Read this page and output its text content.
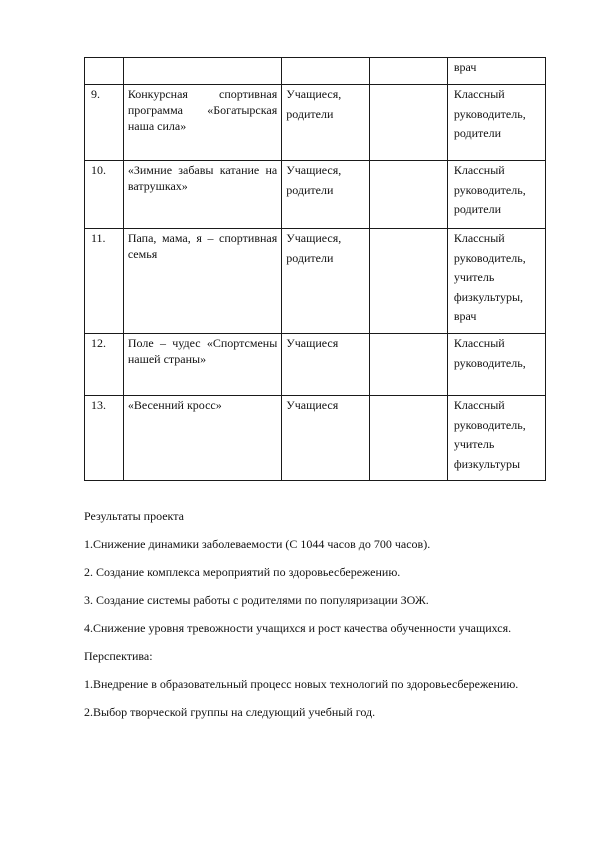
				врач

9.	Конкурсная спортивная программа «Богатырская наша сила»	Учащиеся, родители		Классный руководитель, родители

10.	«Зимние забавы катание на ватрушках»	Учащиеся, родители		Классный руководитель, родители

11.	Папа, мама, я – спортивная семья	Учащиеся, родители		Классный руководитель, учитель физкультуры, врач

12.	Поле – чудес «Спортсмены нашей страны»	Учащиеся		Классный руководитель,

13.	«Весенний кросс»	Учащиеся		Классный руководитель, учитель физкультуры

Результаты проекта

1.Снижение динамики заболеваемости (С 1044 часов до 700 часов).

2. Создание комплекса мероприятий по здоровьесбережению.

3. Создание системы работы с родителями по популяризации ЗОЖ.

4.Снижение уровня тревожности учащихся и рост качества обученности учащихся.

Перспектива:

1.Внедрение в образовательный процесс новых технологий по здоровьесбережению.

2.Выбор творческой группы на следующий учебный год.
